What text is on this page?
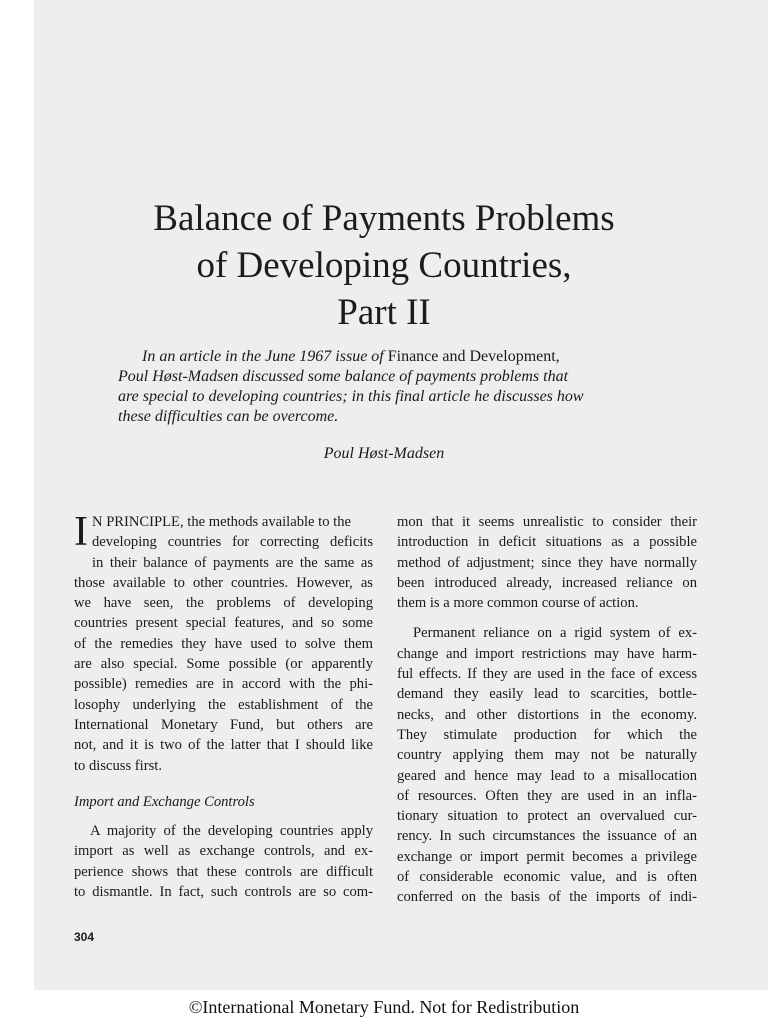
Balance of Payments Problems
of Developing Countries,
Part II

In an article in the June 1967 issue of Finance and Development,
Poul Høst-Madsen discussed some balance of payments problems that
are special to developing countries; in this final article he discusses how
these difficulties can be overcome.

Poul Høst-Madsen
I N PRINCIPLE, the methods available to the
developing countries for correcting deficits
in their balance of payments are the same as
those available to other countries. However, as
we have seen, the problems of developing
countries present special features, and so some
of the remedies they have used to solve them
are also special. Some possible (or apparently
possible) remedies are in accord with the phi-
losophy underlying the establishment of the
International Monetary Fund, but others are
not, and it is two of the latter that I should like
to discuss first.
Import and Exchange Controls
A majority of the developing countries apply
import as well as exchange controls, and ex-
perience shows that these controls are difficult
to dismantle. In fact, such controls are so com-
mon that it seems unrealistic to consider their
introduction in deficit situations as a possible
method of adjustment; since they have normally
been introduced already, increased reliance on
them is a more common course of action.
Permanent reliance on a rigid system of ex-
change and import restrictions may have harm-
ful effects. If they are used in the face of excess
demand they easily lead to scarcities, bottle-
necks, and other distortions in the economy.
They stimulate production for which the
country applying them may not be naturally
geared and hence may lead to a misallocation
of resources. Often they are used in an infla-
tionary situation to protect an overvalued cur-
rency. In such circumstances the issuance of an
exchange or import permit becomes a privilege
of considerable economic value, and is often
conferred on the basis of the imports of indi-
304
©International Monetary Fund. Not for Redistribution
